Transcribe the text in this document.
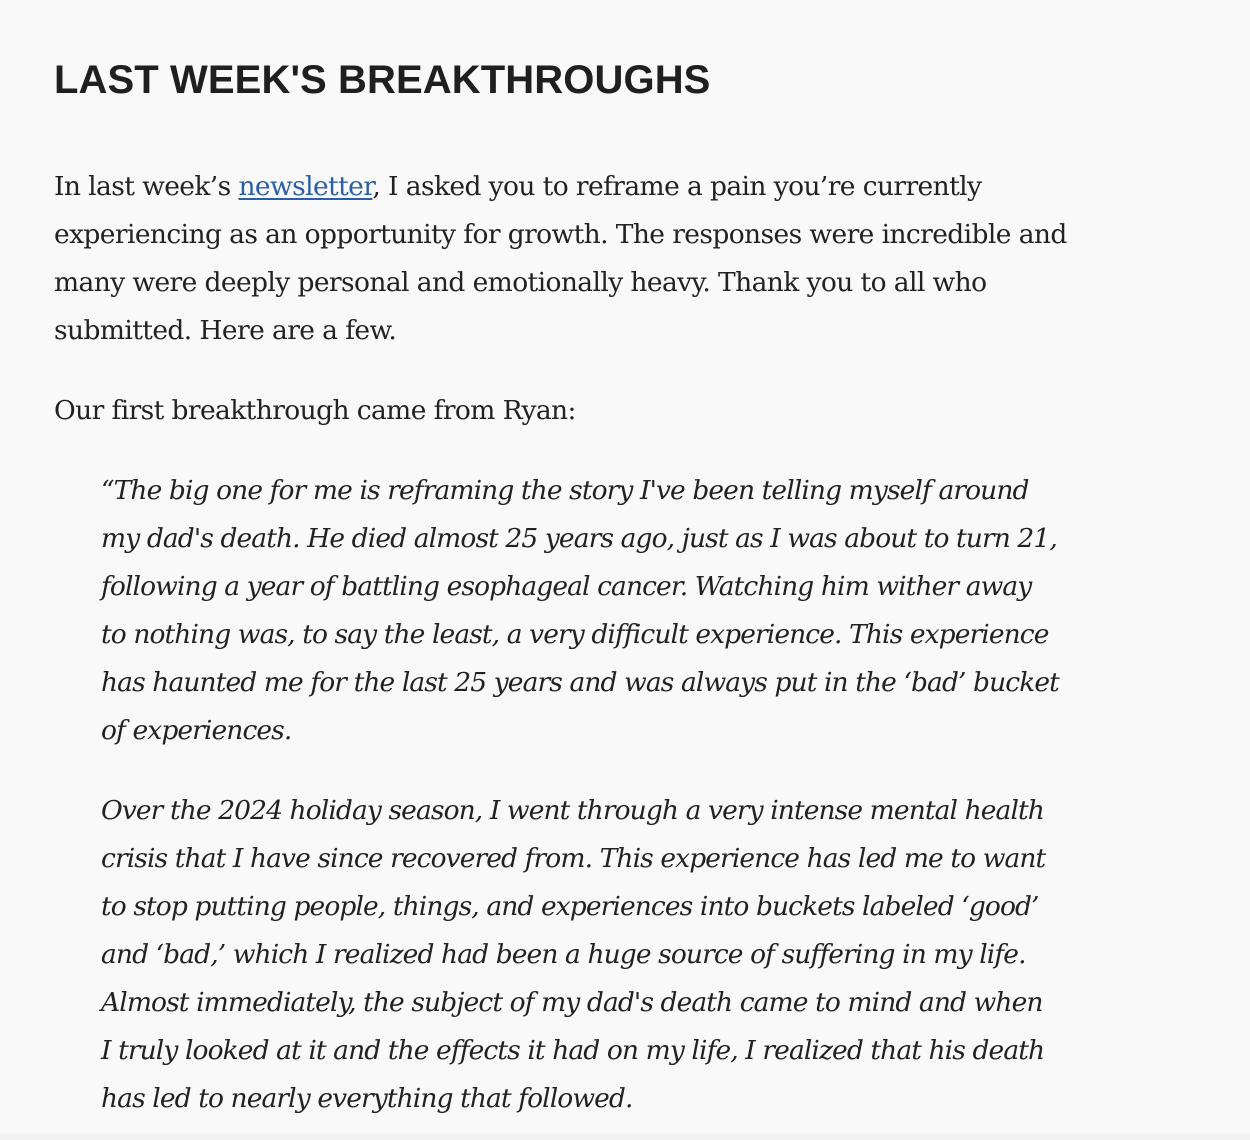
LAST WEEK'S BREAKTHROUGHS

In last week’s newsletter, I asked you to reframe a pain you’re currently
experiencing as an opportunity for growth. The responses were incredible and
many were deeply personal and emotionally heavy. Thank you to all who
submitted. Here are a few.

Our first breakthrough came from Ryan:

“The big one for me is reframing the story I've been telling myself around
my dad's death. He died almost 25 years ago, just as I was about to turn 21,
following a year of battling esophageal cancer. Watching him wither away
to nothing was, to say the least, a very difficult experience. This experience
has haunted me for the last 25 years and was always put in the ‘bad’ bucket
of experiences.
Over the 2024 holiday season, I went through a very intense mental health
crisis that I have since recovered from. This experience has led me to want
to stop putting people, things, and experiences into buckets labeled ‘good’
and ‘bad,’ which I realized had been a huge source of suffering in my life.
Almost immediately, the subject of my dad's death came to mind and when
I truly looked at it and the effects it had on my life, I realized that his death
has led to nearly everything that followed.
